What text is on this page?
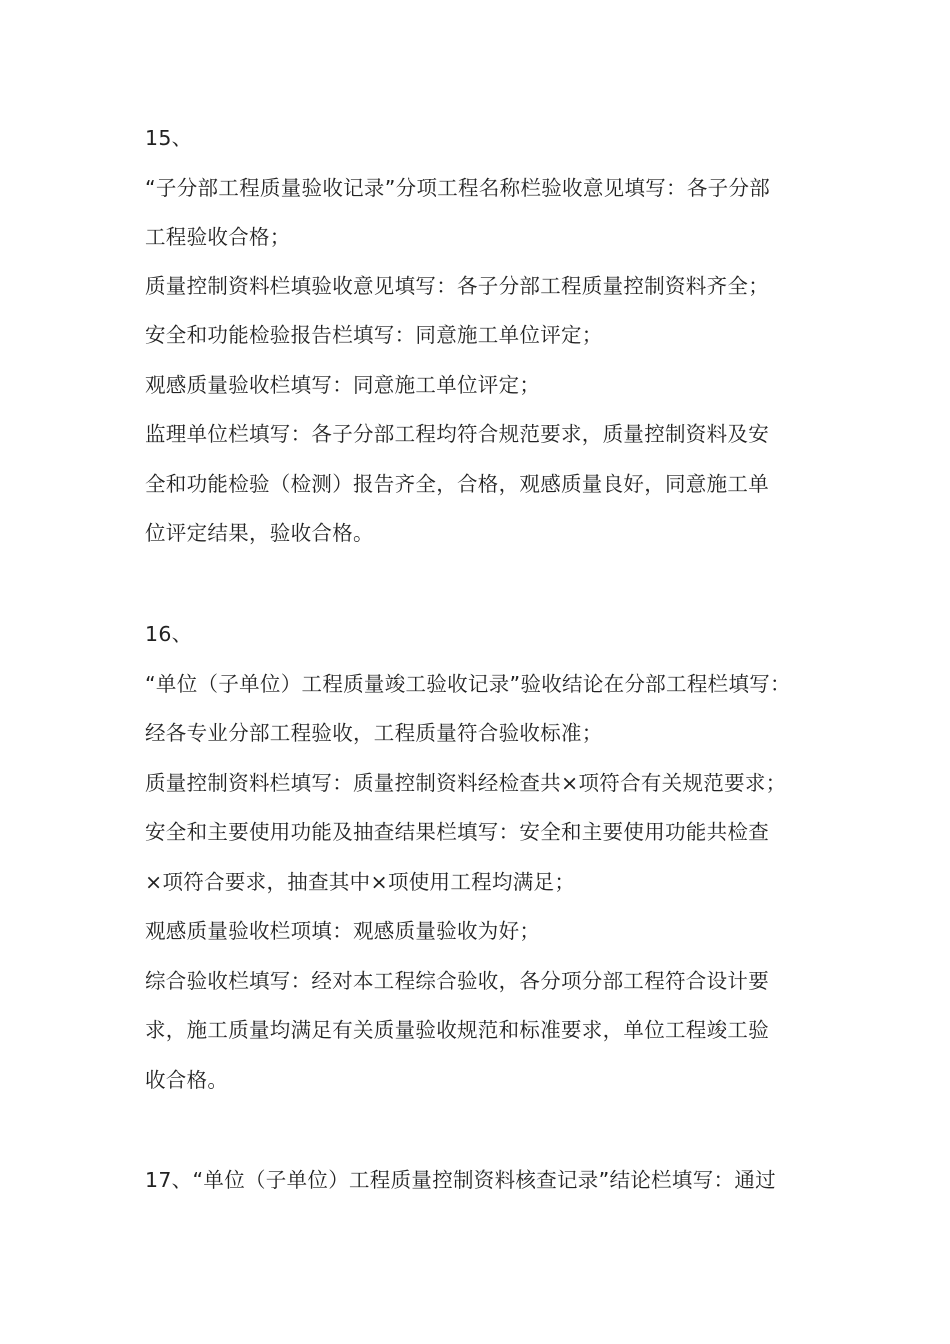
15、
“子分部工程质量验收记录”分项工程名称栏验收意见填写：各子分部
工程验收合格；
质量控制资料栏填验收意见填写：各子分部工程质量控制资料齐全；
安全和功能检验报告栏填写：同意施工单位评定；
观感质量验收栏填写：同意施工单位评定；
监理单位栏填写：各子分部工程均符合规范要求，质量控制资料及安
全和功能检验（检测）报告齐全，合格，观感质量良好，同意施工单
位评定结果，验收合格。
16、
“单位（子单位）工程质量竣工验收记录”验收结论在分部工程栏填写：
经各专业分部工程验收，工程质量符合验收标准；
质量控制资料栏填写：质量控制资料经检查共×项符合有关规范要求；
安全和主要使用功能及抽查结果栏填写：安全和主要使用功能共检查
×项符合要求，抽查其中×项使用工程均满足；
观感质量验收栏项填：观感质量验收为好；
综合验收栏填写：经对本工程综合验收，各分项分部工程符合设计要
求，施工质量均满足有关质量验收规范和标准要求，单位工程竣工验
收合格。
17、“单位（子单位）工程质量控制资料核查记录”结论栏填写：通过
